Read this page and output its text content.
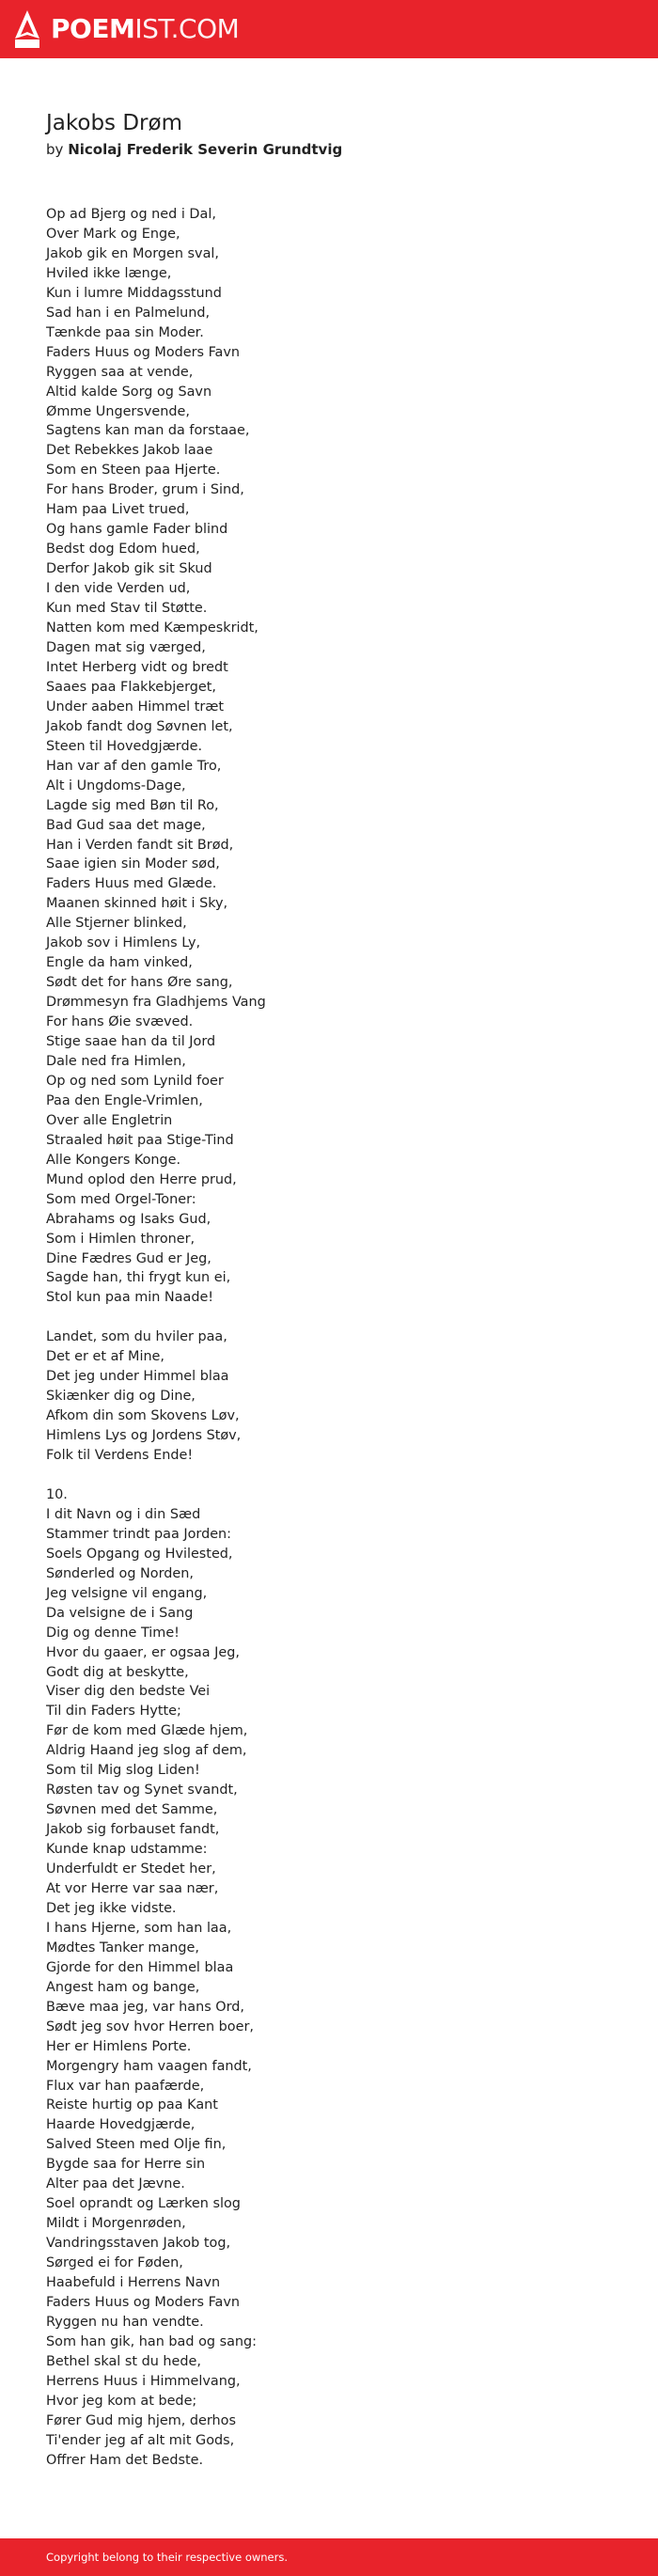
POEMIST.COM
Jakobs Drøm
by Nicolaj Frederik Severin Grundtvig
Op ad Bjerg og ned i Dal,
Over Mark og Enge,
Jakob gik en Morgen sval,
Hviled ikke længe,
Kun i lumre Middagsstund
Sad han i en Palmelund,
Tænkde paa sin Moder.
Faders Huus og Moders Favn
Ryggen saa at vende,
Altid kalde Sorg og Savn
Ømme Ungersvende,
Sagtens kan man da forstaae,
Det Rebekkes Jakob laae
Som en Steen paa Hjerte.
For hans Broder, grum i Sind,
Ham paa Livet trued,
Og hans gamle Fader blind
Bedst dog Edom hued,
Derfor Jakob gik sit Skud
I den vide Verden ud,
Kun med Stav til Støtte.
Natten kom med Kæmpeskridt,
Dagen mat sig værged,
Intet Herberg vidt og bredt
Saaes paa Flakkebjerget,
Under aaben Himmel træt
Jakob fandt dog Søvnen let,
Steen til Hovedgjærde.
Han var af den gamle Tro,
Alt i Ungdoms-Dage,
Lagde sig med Bøn til Ro,
Bad Gud saa det mage,
Han i Verden fandt sit Brød,
Saae igien sin Moder sød,
Faders Huus med Glæde.
Maanen skinned høit i Sky,
Alle Stjerner blinked,
Jakob sov i Himlens Ly,
Engle da ham vinked,
Sødt det for hans Øre sang,
Drømmesyn fra Gladhjems Vang
For hans Øie svæved.
Stige saae han da til Jord
Dale ned fra Himlen,
Op og ned som Lynild foer
Paa den Engle-Vrimlen,
Over alle Engletrin
Straaled høit paa Stige-Tind
Alle Kongers Konge.
Mund oplod den Herre prud,
Som med Orgel-Toner:
Abrahams og Isaks Gud,
Som i Himlen throner,
Dine Fædres Gud er Jeg,
Sagde han, thi frygt kun ei,
Stol kun paa min Naade!
Landet, som du hviler paa,
Det er et af Mine,
Det jeg under Himmel blaa
Skiænker dig og Dine,
Afkom din som Skovens Løv,
Himlens Lys og Jordens Støv,
Folk til Verdens Ende!
10.
I dit Navn og i din Sæd
Stammer trindt paa Jorden:
Soels Opgang og Hvilested,
Sønderled og Norden,
Jeg velsigne vil engang,
Da velsigne de i Sang
Dig og denne Time!
Hvor du gaaer, er ogsaa Jeg,
Godt dig at beskytte,
Viser dig den bedste Vei
Til din Faders Hytte;
Før de kom med Glæde hjem,
Aldrig Haand jeg slog af dem,
Som til Mig slog Liden!
Røsten tav og Synet svandt,
Søvnen med det Samme,
Jakob sig forbauset fandt,
Kunde knap udstamme:
Underfuldt er Stedet her,
At vor Herre var saa nær,
Det jeg ikke vidste.
I hans Hjerne, som han laa,
Mødtes Tanker mange,
Gjorde for den Himmel blaa
Angest ham og bange,
Bæve maa jeg, var hans Ord,
Sødt jeg sov hvor Herren boer,
Her er Himlens Porte.
Morgengry ham vaagen fandt,
Flux var han paafærde,
Reiste hurtig op paa Kant
Haarde Hovedgjærde,
Salved Steen med Olje fin,
Bygde saa for Herre sin
Alter paa det Jævne.
Soel oprandt og Lærken slog
Mildt i Morgenrøden,
Vandringsstaven Jakob tog,
Sørged ei for Føden,
Haabefuld i Herrens Navn
Faders Huus og Moders Favn
Ryggen nu han vendte.
Som han gik, han bad og sang:
Bethel skal st du hede,
Herrens Huus i Himmelvang,
Hvor jeg kom at bede;
Fører Gud mig hjem, derhos
Ti'ender jeg af alt mit Gods,
Offrer Ham det Bedste.
Copyright belong to their respective owners.
